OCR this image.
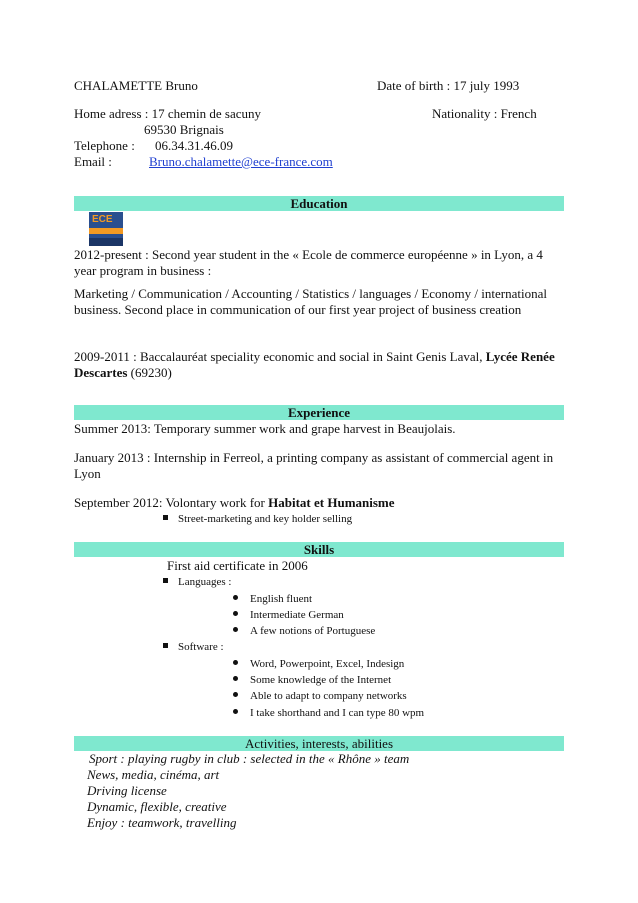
CHALAMETTE Bruno	Date of birth : 17 july 1993
Home adress : 17 chemin de sacuny	Nationality : French
69530 Brignais
Telephone : 06.34.31.46.09
Email :	Bruno.chalamette@ece-france.com
Education
ECE
2012-present : Second year student in the « Ecole de commerce européenne » in Lyon, a 4 year program in business :
Marketing / Communication / Accounting / Statistics / languages / Economy / international business. Second place in communication of our first year project of business creation
2009-2011 : Baccalauréat speciality economic and social in Saint Genis Laval, Lycée Renée Descartes (69230)
Experience
Summer 2013: Temporary summer work and grape harvest in Beaujolais.
January 2013 : Internship in Ferreol, a printing company as assistant of commercial agent in Lyon
September 2012: Volontary work for Habitat et Humanisme
Street-marketing and key holder selling
Skills
First aid certificate in 2006
Languages :
English fluent
Intermediate German
A few notions of Portuguese
Software :
Word, Powerpoint, Excel, Indesign
Some knowledge of the Internet
Able to adapt to company networks
I take shorthand and I can type 80 wpm
Activities, interests, abilities
Sport : playing rugby in club : selected in the « Rhône » team
News, media, cinéma, art
Driving license
Dynamic, flexible, creative
Enjoy : teamwork, travelling
